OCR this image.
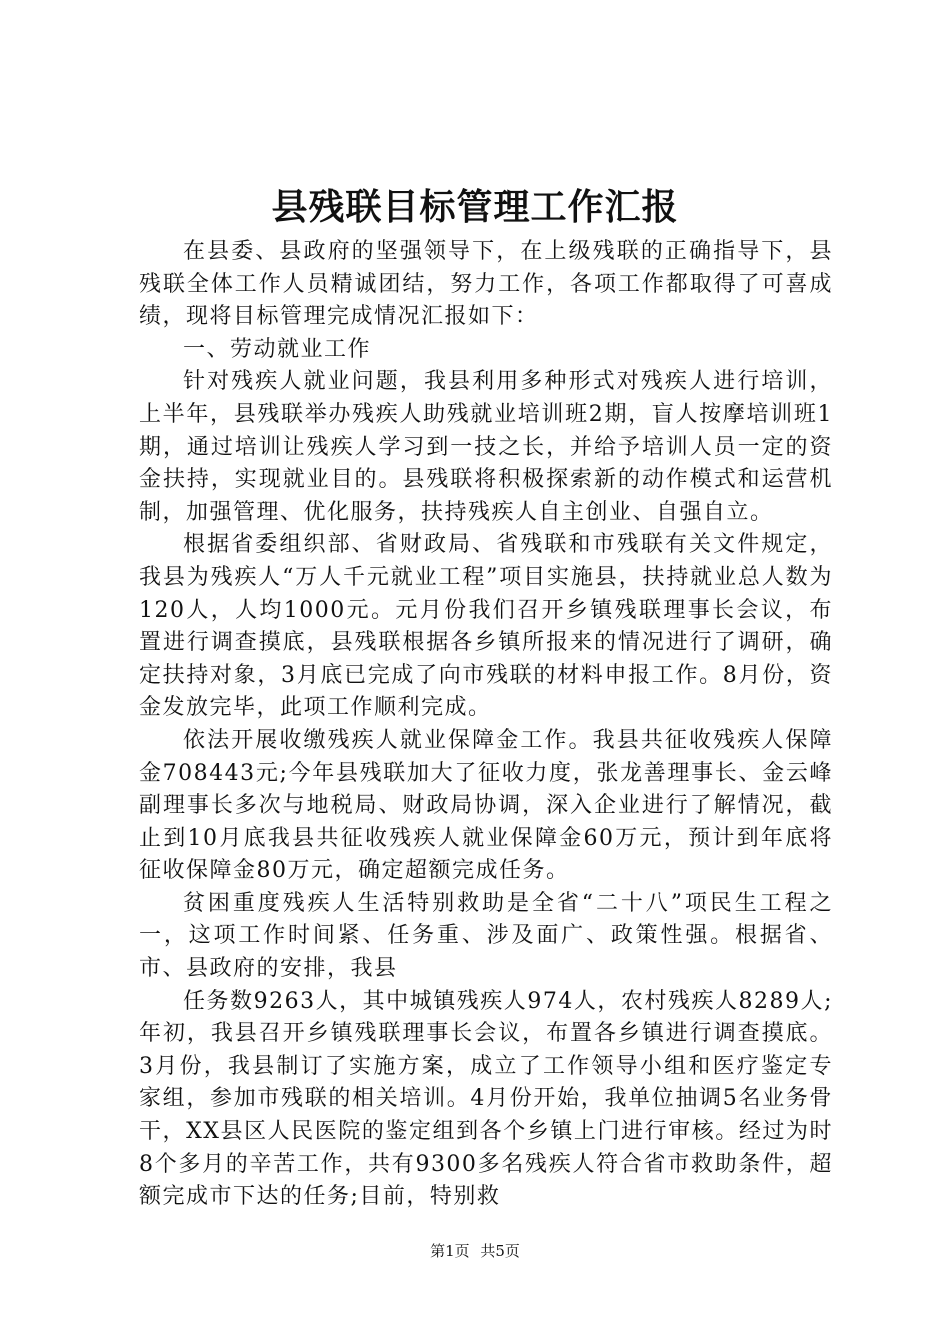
县残联目标管理工作汇报

在县委、县政府的坚强领导下，在上级残联的正确指导下，县残联全体工作人员精诚团结，努力工作，各项工作都取得了可喜成绩，现将目标管理完成情况汇报如下：

一、劳动就业工作

针对残疾人就业问题，我县利用多种形式对残疾人进行培训，上半年，县残联举办残疾人助残就业培训班2期，盲人按摩培训班1期，通过培训让残疾人学习到一技之长，并给予培训人员一定的资金扶持，实现就业目的。县残联将积极探索新的动作模式和运营机制，加强管理、优化服务，扶持残疾人自主创业、自强自立。

根据省委组织部、省财政局、省残联和市残联有关文件规定，我县为残疾人“万人千元就业工程”项目实施县，扶持就业总人数为120人，人均1000元。元月份我们召开乡镇残联理事长会议，布置进行调查摸底，县残联根据各乡镇所报来的情况进行了调研，确定扶持对象，3月底已完成了向市残联的材料申报工作。8月份，资金发放完毕，此项工作顺利完成。

依法开展收缴残疾人就业保障金工作。我县共征收残疾人保障金708443元;今年县残联加大了征收力度，张龙善理事长、金云峰副理事长多次与地税局、财政局协调，深入企业进行了解情况，截止到10月底我县共征收残疾人就业保障金60万元，预计到年底将征收保障金80万元，确定超额完成任务。

贫困重度残疾人生活特别救助是全省“二十八”项民生工程之一，这项工作时间紧、任务重、涉及面广、政策性强。根据省、市、县政府的安排，我县

任务数9263人，其中城镇残疾人974人，农村残疾人8289人;年初，我县召开乡镇残联理事长会议，布置各乡镇进行调查摸底。3月份，我县制订了实施方案，成立了工作领导小组和医疗鉴定专家组，参加市残联的相关培训。4月份开始，我单位抽调5名业务骨干，XX县区人民医院的鉴定组到各个乡镇上门进行审核。经过为时8个多月的辛苦工作，共有9300多名残疾人符合省市救助条件，超额完成市下达的任务;目前，特别救

第1页 共5页
